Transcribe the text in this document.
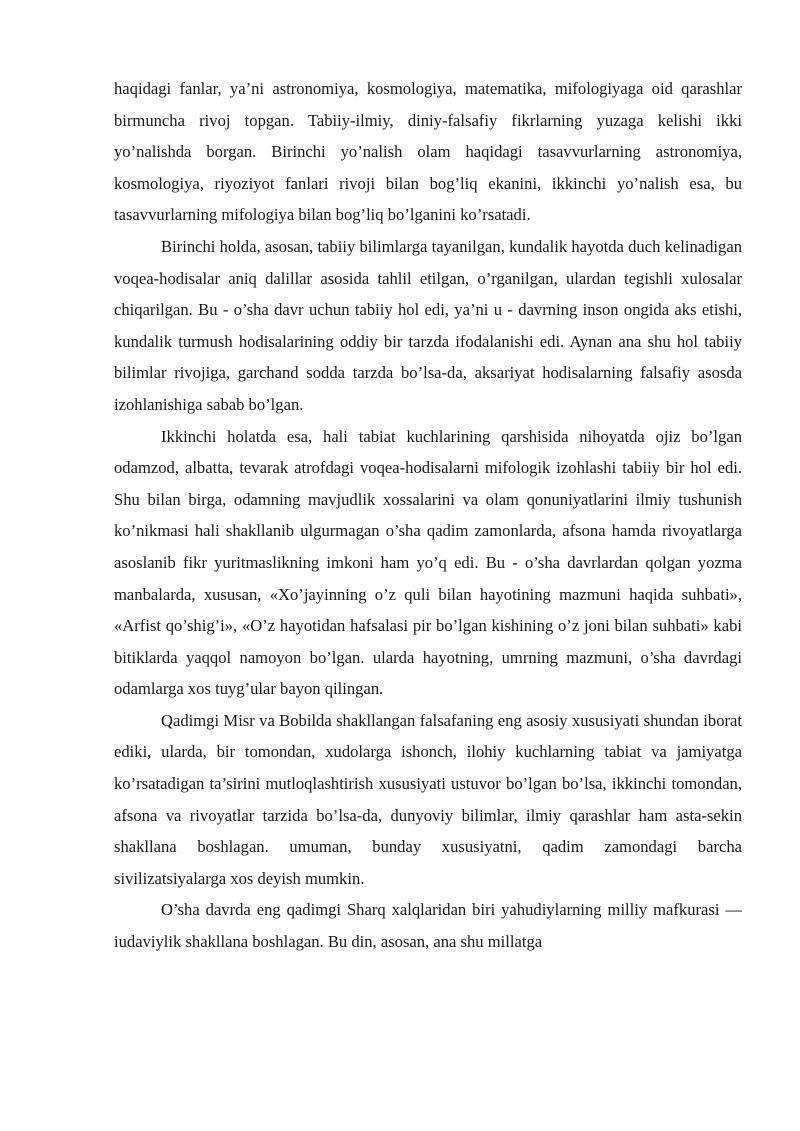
haqidagi fanlar, ya’ni astronomiya, kosmologiya, matematika, mifologiyaga oid qarashlar birmuncha rivoj topgan. Tabiiy-ilmiy, diniy-falsafiy fikrlarning yuzaga kelishi ikki yo’nalishda borgan. Birinchi yo’nalish olam haqidagi tasavvurlarning astronomiya, kosmologiya, riyoziyot fanlari rivoji bilan bog’liq ekanini, ikkinchi yo’nalish esa, bu tasavvurlarning mifologiya bilan bog’liq bo’lganini ko’rsatadi.

Birinchi holda, asosan, tabiiy bilimlarga tayanilgan, kundalik hayotda duch kelinadigan voqea-hodisalar aniq dalillar asosida tahlil etilgan, o’rganilgan, ulardan tegishli xulosalar chiqarilgan. Bu - o’sha davr uchun tabiiy hol edi, ya’ni u - davrning inson ongida aks etishi, kundalik turmush hodisalarining oddiy bir tarzda ifodalanishi edi. Aynan ana shu hol tabiiy bilimlar rivojiga, garchand sodda tarzda bo’lsa-da, aksariyat hodisalarning falsafiy asosda izohlanishiga sabab bo’lgan.

Ikkinchi holatda esa, hali tabiat kuchlarining qarshisida nihoyatda ojiz bo’lgan odamzod, albatta, tevarak atrofdagi voqea-hodisalarni mifologik izohlashi tabiiy bir hol edi. Shu bilan birga, odamning mavjudlik xossalarini va olam qonuniyatlarini ilmiy tushunish ko’nikmasi hali shakllanib ulgurmagan o’sha qadim zamonlarda, afsona hamda rivoyatlarga asoslanib fikr yuritmaslikning imkoni ham yo’q edi. Bu - o’sha davrlardan qolgan yozma manbalarda, xususan, «Xo’jayinning o’z quli bilan hayotining mazmuni haqida suhbati», «Arfist qo’shig’i», «O’z hayotidan hafsalasi pir bo’lgan kishining o’z joni bilan suhbati» kabi bitiklarda yaqqol namoyon bo’lgan. ularda hayotning, umrning mazmuni, o’sha davrdagi odamlarga xos tuyg’ular bayon qilingan.

Qadimgi Misr va Bobilda shakllangan falsafaning eng asosiy xususiyati shundan iborat ediki, ularda, bir tomondan, xudolarga ishonch, ilohiy kuchlarning tabiat va jamiyatga ko’rsatadigan ta’sirini mutloqlashtirish xususiyati ustuvor bo’lgan bo’lsa, ikkinchi tomondan, afsona va rivoyatlar tarzida bo’lsa-da, dunyoviy bilimlar, ilmiy qarashlar ham asta-sekin shakllana boshlagan. umuman, bunday xususiyatni, qadim zamondagi barcha sivilizatsiyalarga xos deyish mumkin.

O’sha davrda eng qadimgi Sharq xalqlaridan biri yahudiylarning milliy mafkurasi — iudaviylik shakllana boshlagan. Bu din, asosan, ana shu millatga
